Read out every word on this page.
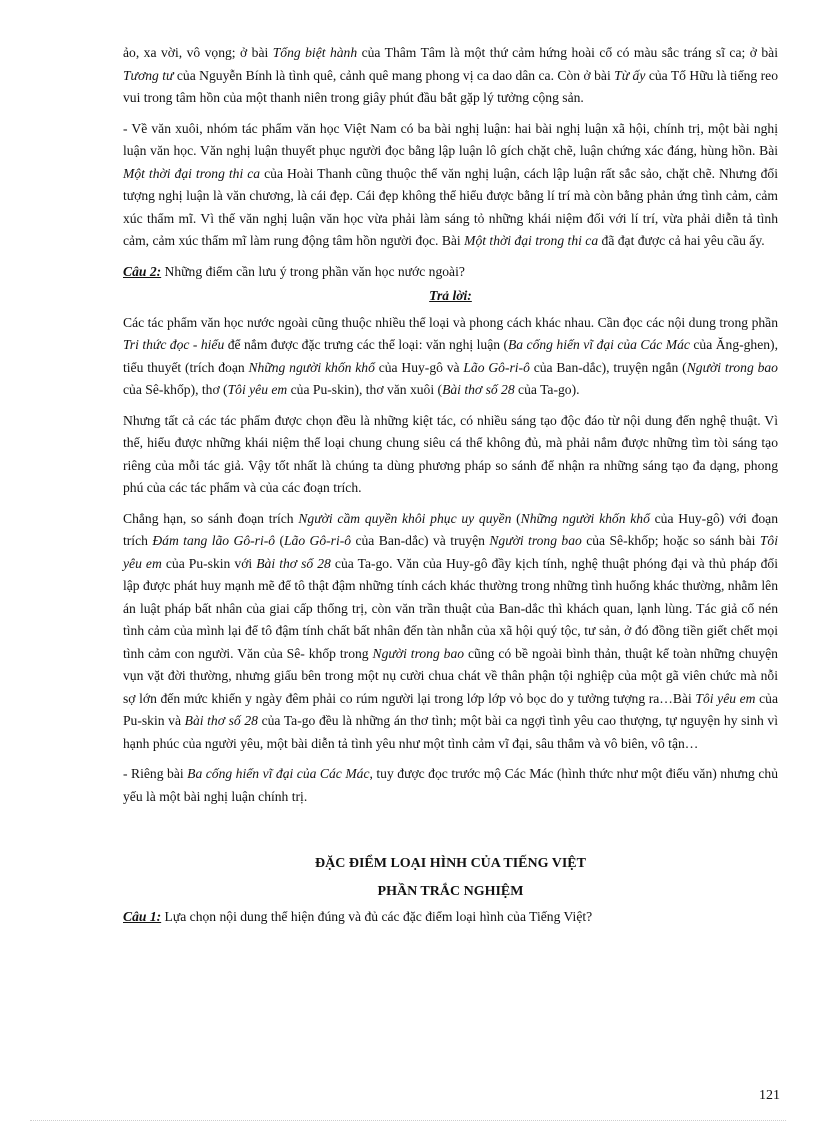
ảo, xa vời, vô vọng; ở bài Tống biệt hành của Thâm Tâm là một thứ cảm hứng hoài cổ có màu sắc tráng sĩ ca; ở bài Tương tư của Nguyễn Bính là tình quê, cảnh quê mang phong vị ca dao dân ca. Còn ở bài Từ ấy của Tố Hữu là tiếng reo vui trong tâm hồn của một thanh niên trong giây phút đầu bắt gặp lý tưởng cộng sản.

- Về văn xuôi, nhóm tác phẩm văn học Việt Nam có ba bài nghị luận: hai bài nghị luận xã hội, chính trị, một bài nghị luận văn học. Văn nghị luận thuyết phục người đọc bằng lập luận lô gích chặt chẽ, luận chứng xác đáng, hùng hồn. Bài Một thời đại trong thi ca của Hoài Thanh cũng thuộc thể văn nghị luận, cách lập luận rất sắc sảo, chặt chẽ. Nhưng đối tượng nghị luận là văn chương, là cái đẹp. Cái đẹp không thể hiểu được bằng lí trí mà còn bằng phản ứng tình cảm, cảm xúc thẩm mĩ. Vì thế văn nghị luận văn học vừa phải làm sáng tỏ những khái niệm đối với lí trí, vừa phải diễn tả tình cảm, cảm xúc thẩm mĩ làm rung động tâm hồn người đọc. Bài Một thời đại trong thi ca đã đạt được cả hai yêu cầu ấy.

Câu 2: Những điểm cần lưu ý trong phần văn học nước ngoài?

Trả lời:

Các tác phẩm văn học nước ngoài cũng thuộc nhiều thể loại và phong cách khác nhau. Cần đọc các nội dung trong phần Tri thức đọc - hiểu để nắm được đặc trưng các thể loại: văn nghị luận (Ba cống hiến vĩ đại của Các Mác của Ăng-ghen), tiểu thuyết (trích đoạn Những người khốn khổ của Huy-gô và Lão Gô-ri-ô của Ban-dắc), truyện ngắn (Người trong bao của Sê-khốp), thơ (Tôi yêu em của Pu-skin), thơ văn xuôi (Bài thơ số 28 của Ta-go).

Nhưng tất cả các tác phẩm được chọn đều là những kiệt tác, có nhiều sáng tạo độc đáo từ nội dung đến nghệ thuật. Vì thế, hiểu được những khái niệm thể loại chung chung siêu cá thể không đủ, mà phải nắm được những tìm tòi sáng tạo riêng của mỗi tác giả. Vậy tốt nhất là chúng ta dùng phương pháp so sánh để nhận ra những sáng tạo đa dạng, phong phú của các tác phẩm và của các đoạn trích.

Chẳng hạn, so sánh đoạn trích Người cầm quyền khôi phục uy quyền (Những người khốn khổ của Huy-gô) với đoạn trích Đám tang lão Gô-ri-ô (Lão Gô-ri-ô của Ban-dắc) và truyện Người trong bao của Sê-khốp; hoặc so sánh bài Tôi yêu em của Pu-skin với Bài thơ số 28 của Ta-go. Văn của Huy-gô đầy kịch tính, nghệ thuật phóng đại và thủ pháp đối lập được phát huy mạnh mẽ để tô thật đậm những tính cách khác thường trong những tình huống khác thường, nhằm lên án luật pháp bất nhân của giai cấp thống trị, còn văn trần thuật của Ban-dắc thì khách quan, lạnh lùng. Tác giả cố nén tình cảm của mình lại để tô đậm tính chất bất nhân đến tàn nhẫn của xã hội quý tộc, tư sản, ở đó đồng tiền giết chết mọi tình cảm con người. Văn của Sê- khốp trong Người trong bao cũng có bề ngoài bình thản, thuật kể toàn những chuyện vụn vặt đời thường, nhưng giấu bên trong một nụ cười chua chát về thân phận tội nghiệp của một gã viên chức mà nỗi sợ lớn đến mức khiến y ngày đêm phải co rúm người lại trong lớp lớp vỏ bọc do y tưởng tượng ra…Bài Tôi yêu em của Pu-skin và Bài thơ số 28 của Ta-go đều là những án thơ tình; một bài ca ngợi tình yêu cao thượng, tự nguyện hy sinh vì hạnh phúc của người yêu, một bài diễn tả tình yêu như một tình cảm vĩ đại, sâu thẳm và vô biên, vô tận…

- Riêng bài Ba cống hiến vĩ đại của Các Mác, tuy được đọc trước mộ Các Mác (hình thức như một điếu văn) nhưng chủ yếu là một bài nghị luận chính trị.

ĐẶC ĐIỂM LOẠI HÌNH CỦA TIẾNG VIỆT

PHẦN TRẮC NGHIỆM

Câu 1: Lựa chọn nội dung thể hiện đúng và đủ các đặc điểm loại hình của Tiếng Việt?

121
